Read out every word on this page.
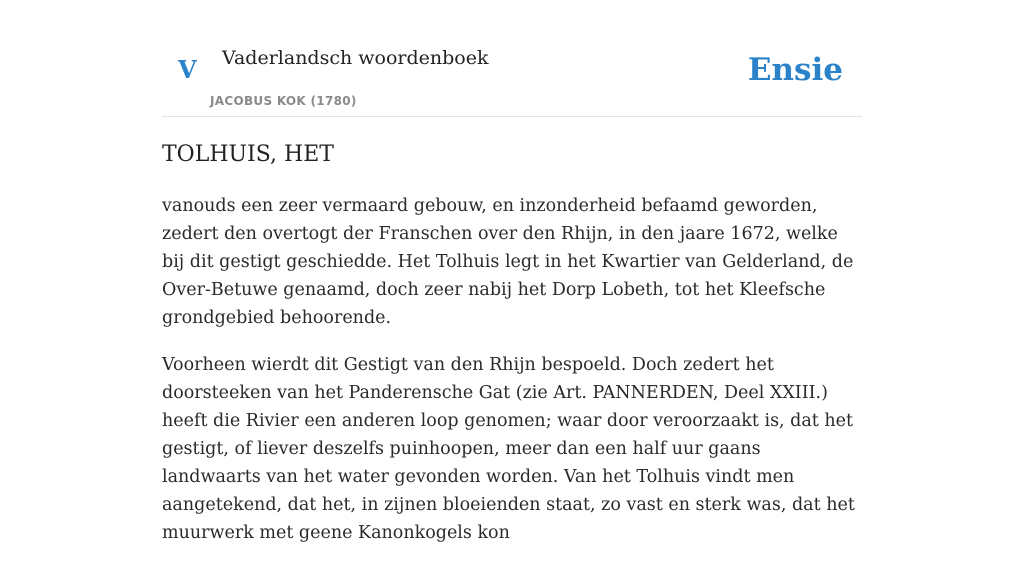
V Vaderlandsch woordenboek
JACOBUS KOK (1780)
Ensie
TOLHUIS, HET

vanouds een zeer vermaard gebouw, en inzonderheid befaamd geworden, zedert den overtogt der Franschen over den Rhijn, in den jaare 1672, welke bij dit gestigt geschiedde. Het Tolhuis legt in het Kwartier van Gelderland, de Over-Betuwe genaamd, doch zeer nabij het Dorp Lobeth, tot het Kleefsche grondgebied behoorende.

Voorheen wierdt dit Gestigt van den Rhijn bespoeld. Doch zedert het doorsteeken van het Panderensche Gat (zie Art. PANNERDEN, Deel XXIII.) heeft die Rivier een anderen loop genomen; waar door veroorzaakt is, dat het gestigt, of liever deszelfs puinhoopen, meer dan een half uur gaans landwaarts van het water gevonden worden. Van het Tolhuis vindt men aangetekend, dat het, in zijnen bloeienden staat, zo vast en sterk was, dat het muurwerk met geene Kanonkogels kon
